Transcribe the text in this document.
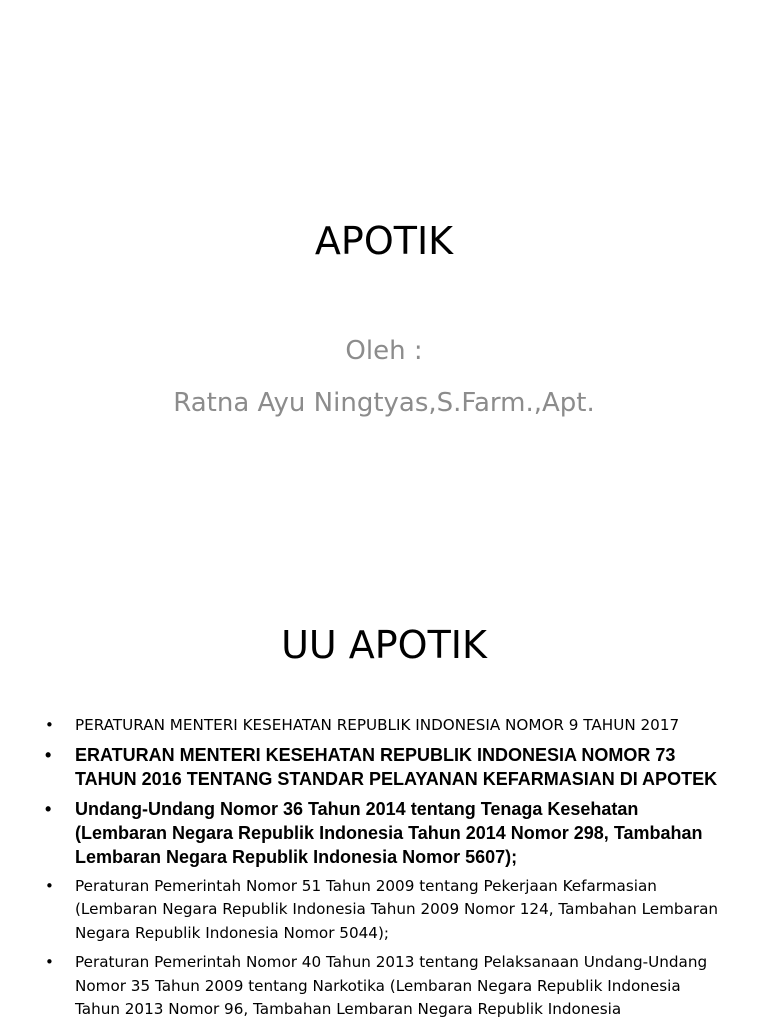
APOTIK
Oleh :
Ratna Ayu Ningtyas,S.Farm.,Apt.
UU APOTIK
• PERATURAN MENTERI KESEHATAN REPUBLIK INDONESIA NOMOR 9 TAHUN 2017
• ERATURAN MENTERI KESEHATAN REPUBLIK INDONESIA NOMOR 73 TAHUN 2016 TENTANG STANDAR PELAYANAN KEFARMASIAN DI APOTEK
• Undang-Undang Nomor 36 Tahun 2014 tentang Tenaga Kesehatan (Lembaran Negara Republik Indonesia Tahun 2014 Nomor 298, Tambahan Lembaran Negara Republik Indonesia Nomor 5607);
• Peraturan Pemerintah Nomor 51 Tahun 2009 tentang Pekerjaan Kefarmasian (Lembaran Negara Republik Indonesia Tahun 2009 Nomor 124, Tambahan Lembaran Negara Republik Indonesia Nomor 5044);
• Peraturan Pemerintah Nomor 40 Tahun 2013 tentang Pelaksanaan Undang-Undang Nomor 35 Tahun 2009 tentang Narkotika (Lembaran Negara Republik Indonesia Tahun 2013 Nomor 96, Tambahan Lembaran Negara Republik Indonesia
